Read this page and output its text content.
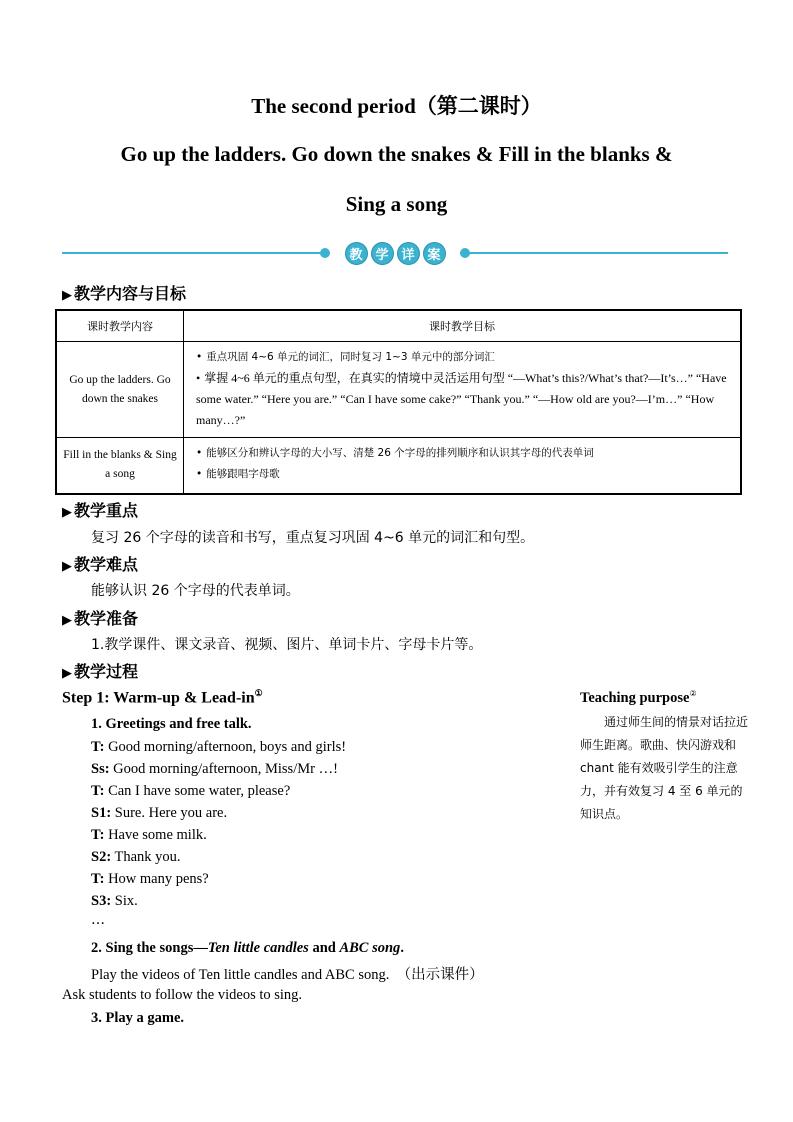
The second period（第二课时）
Go up the ladders. Go down the snakes & Fill in the blanks &
Sing a song
教 学 详 案
▶ 教学内容与目标
课时教学内容	课时教学目标
Go up the ladders. Go down the snakes	• 重点巩固 4~6 单元的词汇，同时复习 1~3 单元中的部分词汇
• 掌握 4~6 单元的重点句型，在真实的情境中灵活运用句型 “—What’s this?/What’s that?—It’s…” “Have some water.” “Here you are.” “Can I have some cake?” “Thank you.” “—How old are you?—I’m…” “How many…?”

Fill in the blanks & Sing a song	• 能够区分和辨认字母的大小写、清楚 26 个字母的排列顺序和认识其字母的代表单词
• 能够跟唱字母歌
▶ 教学重点
复习 26 个字母的读音和书写，重点复习巩固 4~6 单元的词汇和句型。
▶ 教学难点
能够认识 26 个字母的代表单词。
▶ 教学准备
1.教学课件、课文录音、视频、图片、单词卡片、字母卡片等。
▶ 教学过程
Step 1: Warm-up & Lead-in①
1. Greetings and free talk.
T: Good morning/afternoon, boys and girls!
Ss: Good morning/afternoon, Miss/Mr …!
T: Can I have some water, please?
S1: Sure. Here you are.
T: Have some milk.
S2: Thank you.
T: How many pens?
S3: Six.
…
2. Sing the songs—Ten little candles and ABC song.
Play the videos of Ten little candles and ABC song.　（出示课件）
Ask students to follow the videos to sing.
3. Play a game.
Teaching purpose②
通过师生间的情景对话拉近师生距离。歌曲、快闪游戏和 chant 能有效吸引学生的注意力，并有效复习 4 至 6 单元的知识点。
